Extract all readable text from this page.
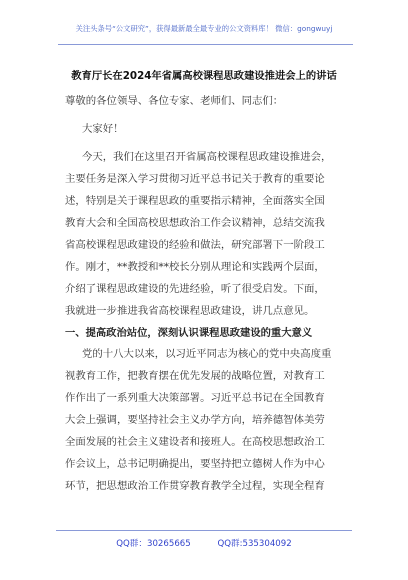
关注头条号“公文研究”，获得最新最全最专业的公文资料库！ 微信：gongwuyj
教育厅长在2024年省属高校课程思政建设推进会上的讲话
尊敬的各位领导、各位专家、老师们、同志们：
大家好！
今天，我们在这里召开省属高校课程思政建设推进会，
主要任务是深入学习贯彻习近平总书记关于教育的重要论
述，特别是关于课程思政的重要指示精神，全面落实全国
教育大会和全国高校思想政治工作会议精神，总结交流我
省高校课程思政建设的经验和做法，研究部署下一阶段工
作。刚才，**教授和**校长分别从理论和实践两个层面，
介绍了课程思政建设的先进经验，听了很受启发。下面，
我就进一步推进我省高校课程思政建设，讲几点意见。
一、提高政治站位，深刻认识课程思政建设的重大意义
党的十八大以来，以习近平同志为核心的党中央高度重
视教育工作，把教育摆在优先发展的战略位置，对教育工
作作出了一系列重大决策部署。习近平总书记在全国教育
大会上强调，要坚持社会主义办学方向，培养德智体美劳
全面发展的社会主义建设者和接班人。在高校思想政治工
作会议上，总书记明确提出，要坚持把立德树人作为中心
环节，把思想政治工作贯穿教育教学全过程，实现全程育
QQ群：30265665	QQ群:535304092
